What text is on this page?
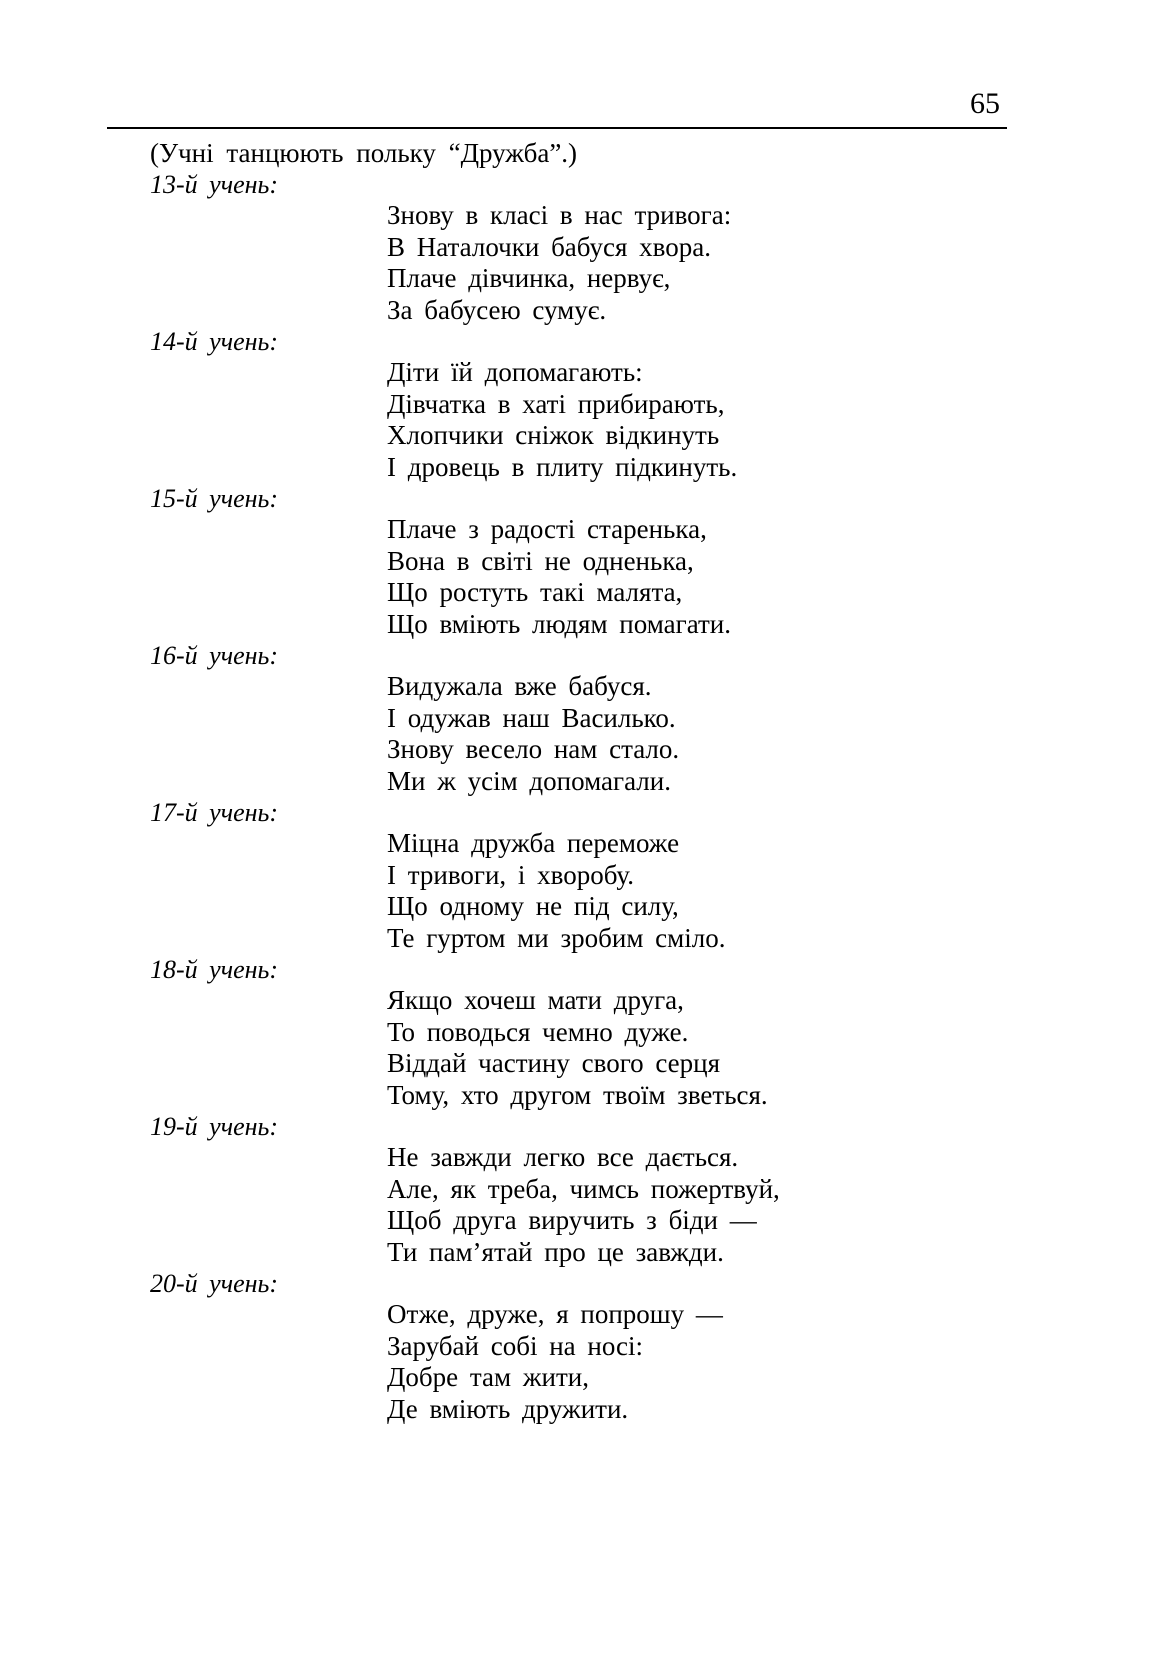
65

(Учні танцюють польку “Дружба”.)

13-й учень:

Знову в класі в нас тривога:
В Наталочки бабуся хвора.
Плаче дівчинка, нервує,
За бабусею сумує.

14-й учень:

Діти їй допомагають:
Дівчатка в хаті прибирають,
Хлопчики сніжок відкинуть
І дровець в плиту підкинуть.

15-й учень:

Плаче з радості старенька,
Вона в світі не одненька,
Що ростуть такі малята,
Що вміють людям помагати.

16-й учень:

Видужала вже бабуся.
І одужав наш Василько.
Знову весело нам стало.
Ми ж усім допомагали.

17-й учень:

Міцна дружба переможе
І тривоги, і хворобу.
Що одному не під силу,
Те гуртом ми зробим сміло.

18-й учень:

Якщо хочеш мати друга,
То поводься чемно дуже.
Віддай частину свого серця
Тому, хто другом твоїм зветься.

19-й учень:

Не завжди легко все дається.
Але, як треба, чимсь пожертвуй,
Щоб друга виручить з біди —
Ти пам’ятай про це завжди.

20-й учень:

Отже, друже, я попрошу —
Зарубай собі на носі:
Добре там жити,
Де вміють дружити.
